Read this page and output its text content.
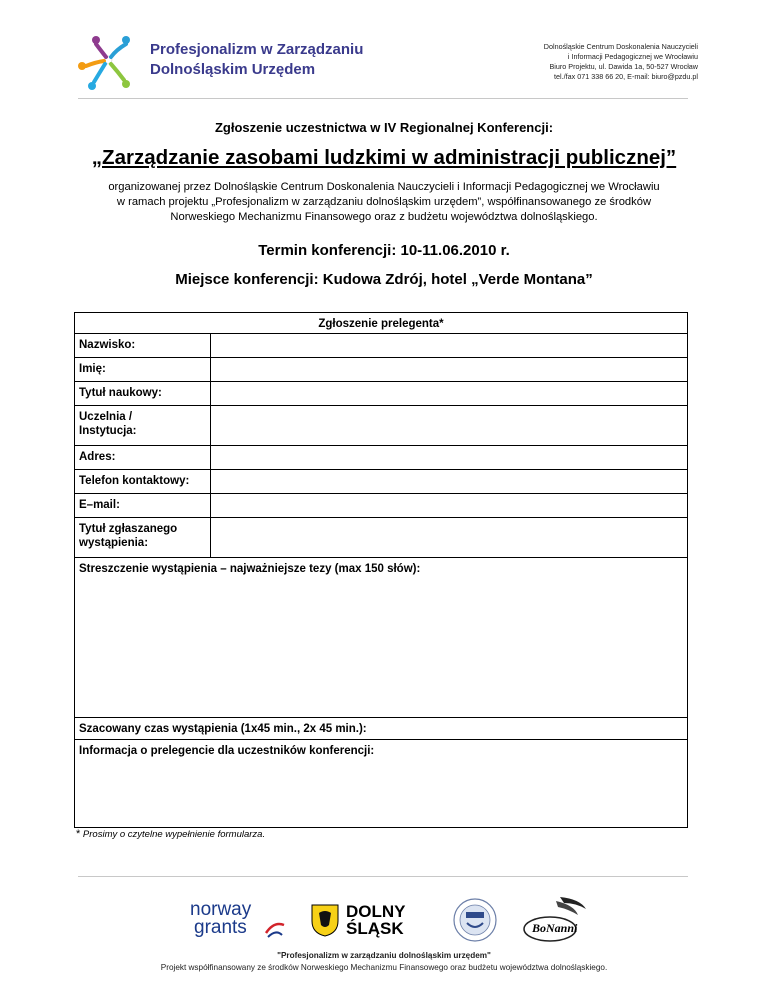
Profesjonalizm w Zarządzaniu
Dolnośląskim Urzędem
Dolnośląskie Centrum Doskonalenia Nauczycieli
i Informacji Pedagogicznej we Wrocławiu
Biuro Projektu, ul. Dawida 1a, 50-527 Wrocław
tel./fax 071 338 66 20, E-mail: biuro@pzdu.pl
Zgłoszenie uczestnictwa w IV Regionalnej Konferencji:
„Zarządzanie zasobami ludzkimi w administracji publicznej”
organizowanej przez Dolnośląskie Centrum Doskonalenia Nauczycieli i Informacji Pedagogicznej we Wrocławiu
w ramach projektu „Profesjonalizm w zarządzaniu dolnośląskim urzędem”, współfinansowanego ze środków
Norweskiego Mechanizmu Finansowego oraz z budżetu województwa dolnośląskiego.
Termin konferencji: 10-11.06.2010 r.
Miejsce konferencji: Kudowa Zdrój, hotel „Verde Montana”
Zgłoszenie prelegenta*
Nazwisko:
Imię:
Tytuł naukowy:
Uczelnia /
Instytucja:
Adres:
Telefon kontaktowy:
E–mail:
Tytuł zgłaszanego
wystąpienia:
Streszczenie wystąpienia – najważniejsze tezy (max 150 słów):
Szacowany czas wystąpienia (1x45 min., 2x 45 min.):
Informacja o prelegencie dla uczestników konferencji:
* Prosimy o czytelne wypełnienie formularza.
norway
grants
DOLNY
ŚLĄSK	BoNanni
"Profesjonalizm w zarządzaniu dolnośląskim urzędem"
Projekt współfinansowany ze środków Norweskiego Mechanizmu Finansowego oraz budżetu województwa dolnośląskiego.
